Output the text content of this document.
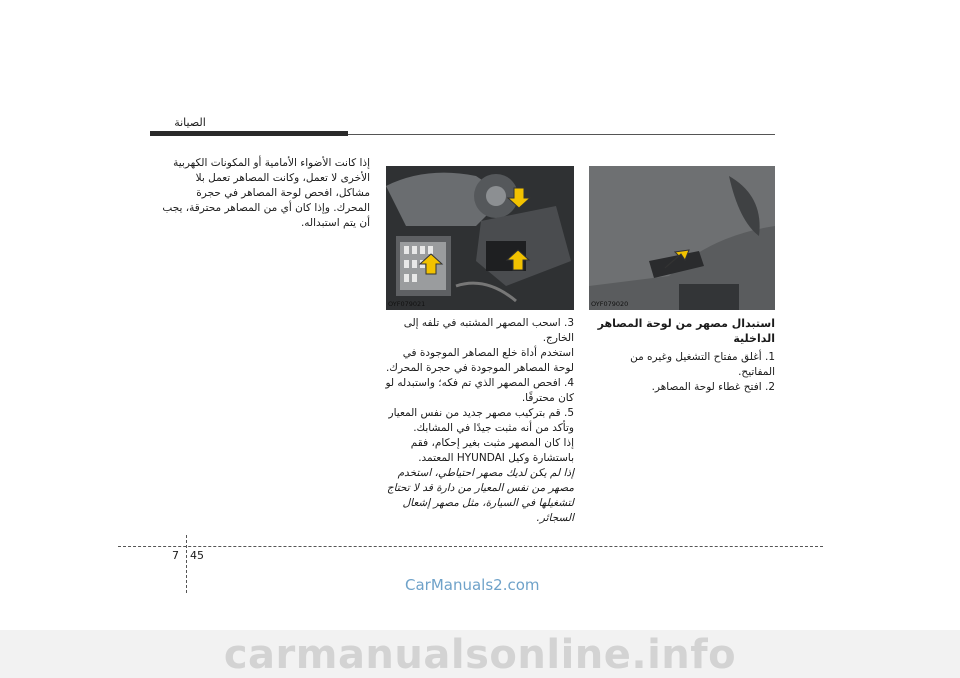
الصيانة
إذا كانت الأضواء الأمامية أو المكونات الكهربية
الأخرى لا تعمل، وكانت المصاهر تعمل بلا
مشاكل، افحص لوحة المصاهر في حجرة
المحرك. وإذا كان أي من المصاهر محترقة، يجب
أن يتم استبداله.
OYF079021	OYF079020
استبدال مصهر من لوحة المصاهر
الداخلية
1. أغلق مفتاح التشغيل وغيره من المفاتيح.
2. افتح غطاء لوحة المصاهر.
3. اسحب المصهر المشتبه في تلفه إلى الخارج.
استخدم أداة خلع المصاهر الموجودة في
لوحة المصاهر الموجودة في حجرة المحرك.
4. افحص المصهر الذي تم فكه؛ واستبدله لو
كان محترقًا.
5. قم بتركيب مصهر جديد من نفس المعيار
وتأكد من أنه مثبت جيدًا في المشابك.
إذا كان المصهر مثبت بغير إحكام، فقم
باستشارة وكيل HYUNDAI المعتمد.
إذا لم يكن لديك مصهر احتياطي، استخدم
مصهر من نفس المعيار من دارة قد لا تحتاج
لتشغيلها في السيارة، مثل مصهر إشعال
السجائر.
7 45
CarManuals2.com
carmanualsonline.info
